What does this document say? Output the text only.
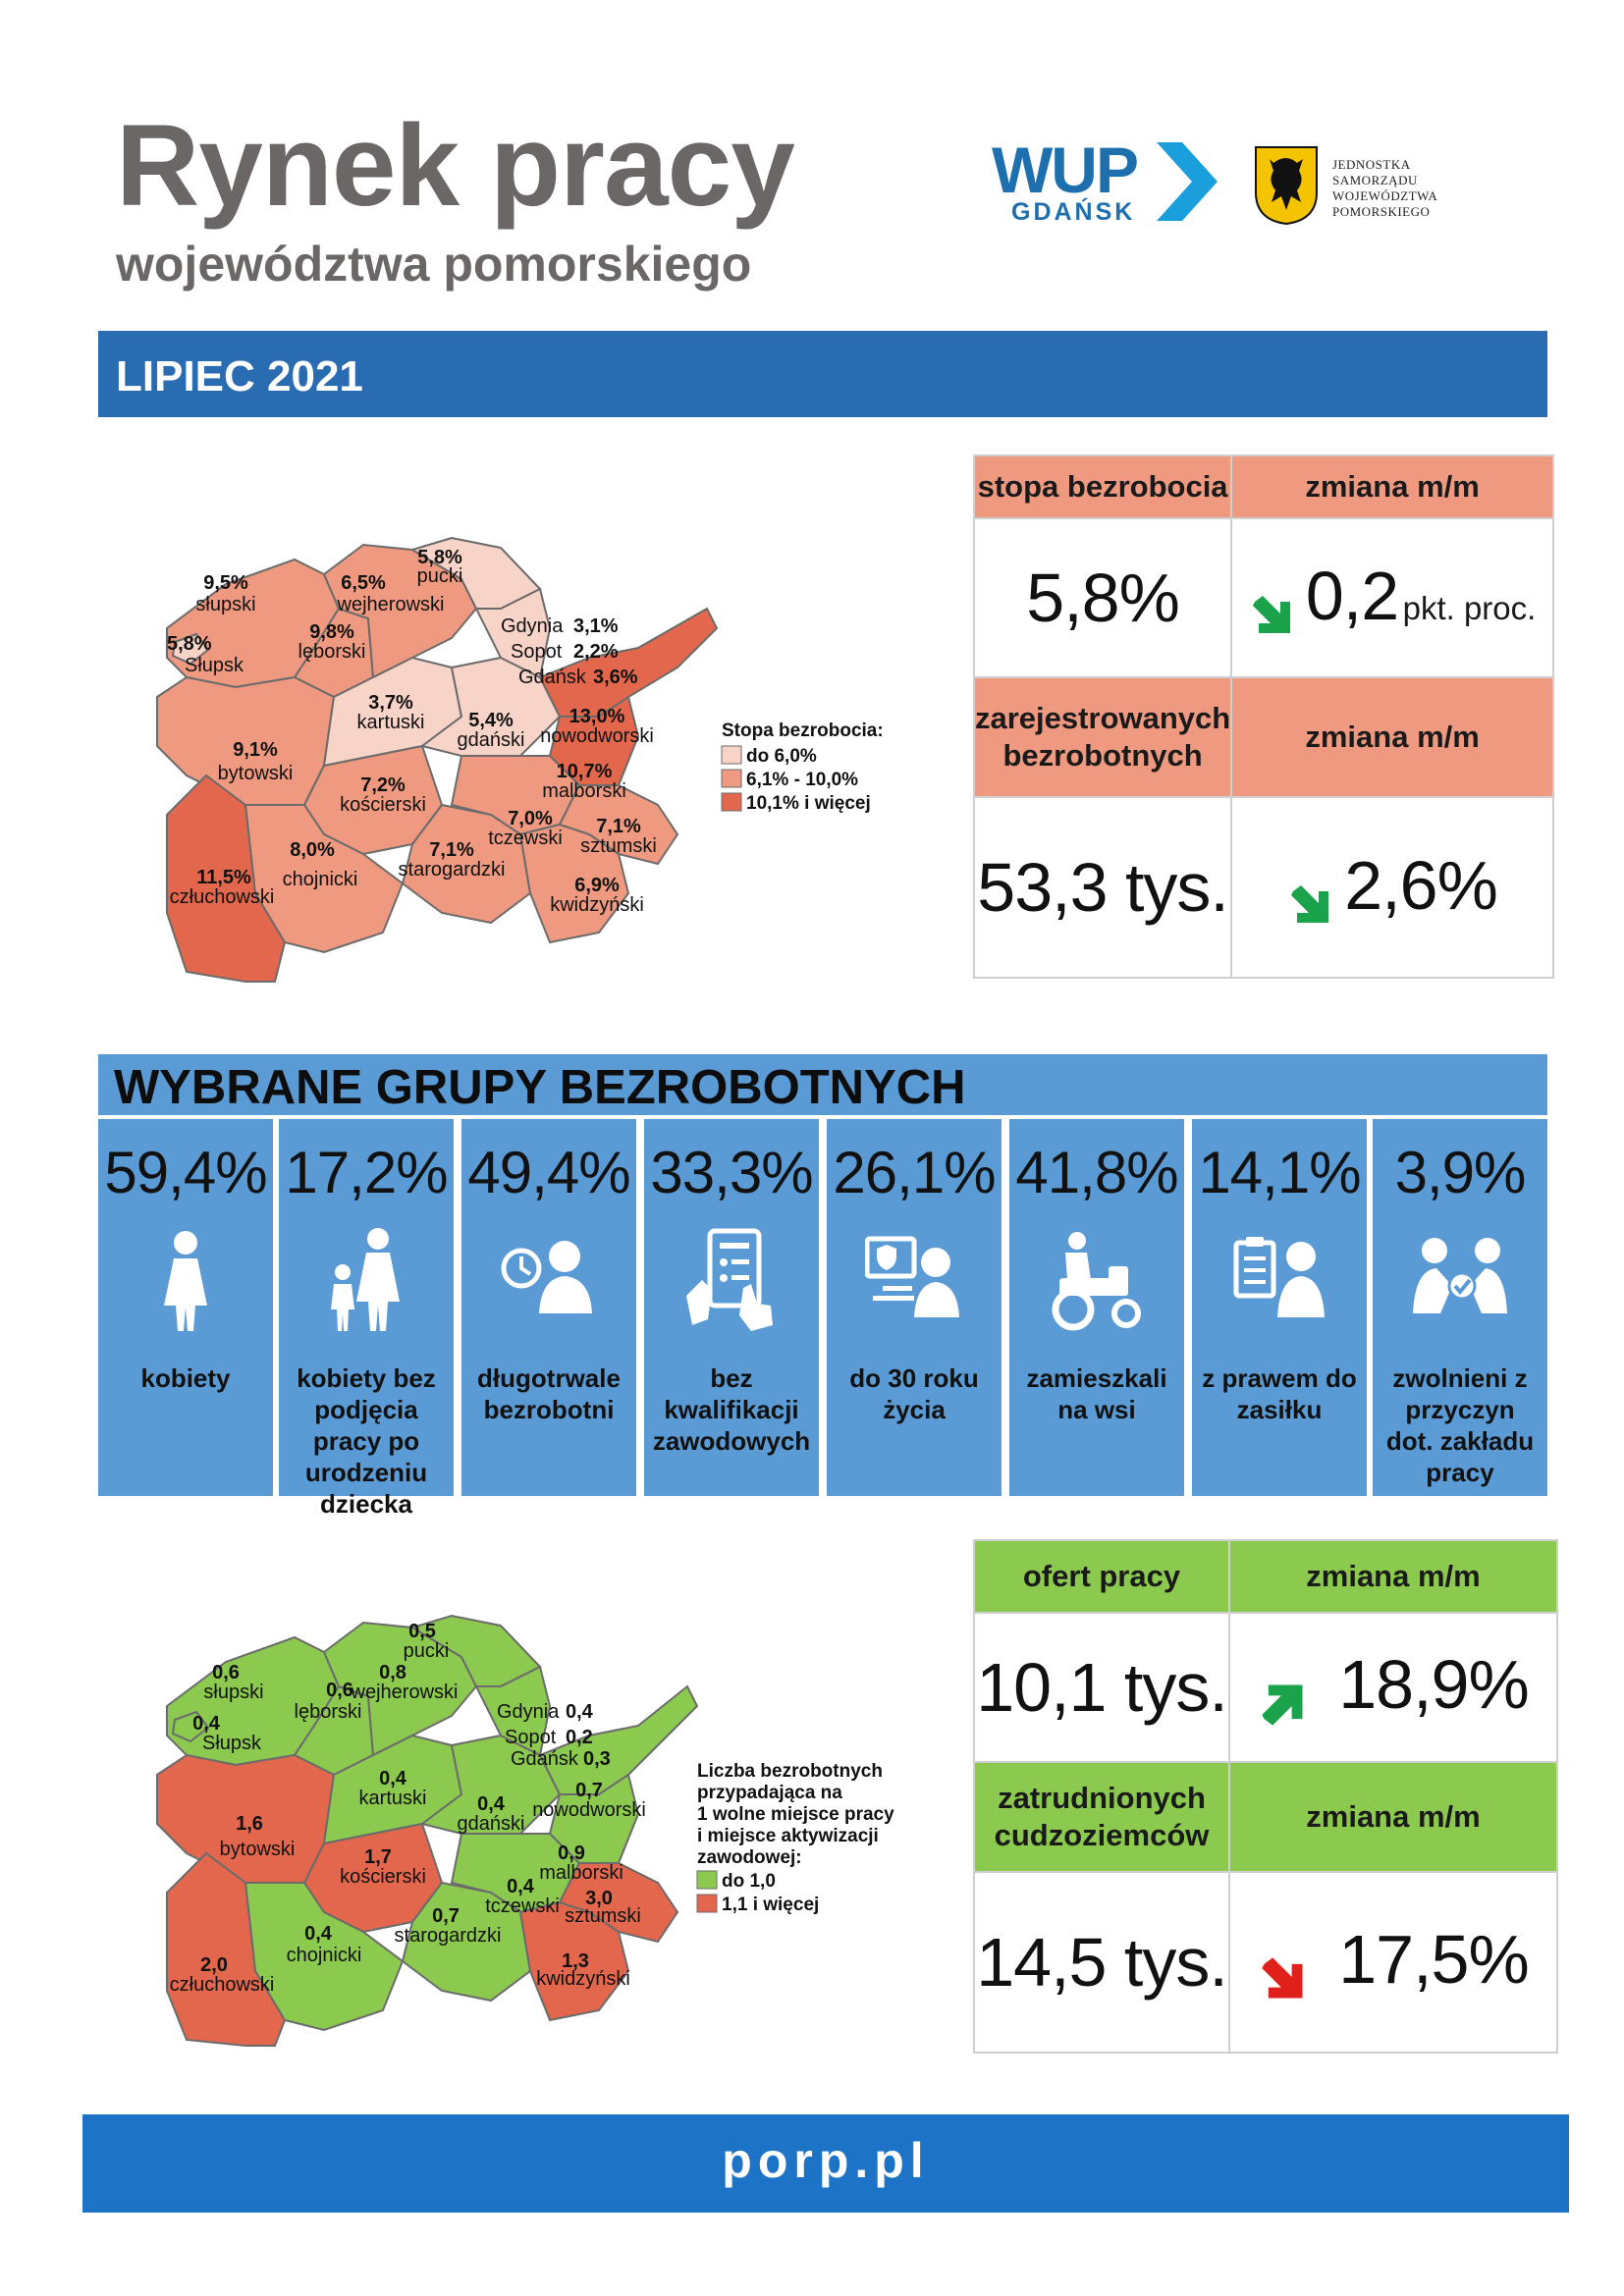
Rynek pracy
województwa pomorskiego
WUP
GDAŃSK
JEDNOSTKA
SAMORZĄDU
WOJEWÓDZTWA
POMORSKIEGO
LIPIEC 2021
9,5%
słupski
5,8%
Słupsk
6,5%
wejherowski
5,8%
pucki
9,8%
lęborski
3,7%
kartuski 5,4%
gdański
13,0%
nowodworski
10,7%
malborski
9,1%
bytowski
7,2%
kościerski
7,0%
tczewski
7,1%
sztumski
7,1%
starogardzki
6,9%
kwidzyński
8,0%
chojnicki
11,5%
człuchowski
Gdynia 3,1%
Sopot 2,2%
Gdańsk 3,6%
Stopa bezrobocia:
do 6,0%
6,1% - 10,0%
10,1% i więcej
stopa bezrobocia	zmiana m/m
5,8%	0,2 pkt. proc.

zarejestrowanych
bezrobotnych	zmiana m/m
53,3 tys.	2,6%
WYBRANE GRUPY BEZROBOTNYCH
59,4%
kobiety
17,2%
kobiety bez podjęcia pracy po urodzeniu dziecka
49,4%
długotrwale bezrobotni
33,3%
bez kwalifikacji zawodowych
26,1%
do 30 roku życia
41,8%
zamieszkali na wsi
14,1%
z prawem do zasiłku
3,9%
zwolnieni z przyczyn dot. zakładu pracy
0,6
słupski	0,6
lęborski
0,4
Słupsk
0,8
wejherowski
0,5
pucki
0,4
kartuski	0,4
gdański
0,7
nowodworski
0,9
malborski
1,6
bytowski	1,7
kościerski	0,4
tczewski 3,0
sztumski
0,7
starogardzki
1,3
kwidzyński
0,4
chojnicki
2,0
człuchowski
Gdynia 0,4
Sopot 0,2
Gdańsk 0,3
Liczba bezrobotnych
przypadająca na
1 wolne miejsce pracy
i miejsce aktywizacji
zawodowej:
do 1,0
1,1 i więcej
ofert pracy	zmiana m/m
10,1 tys.	18,9%

zatrudnionych
cudzoziemców	zmiana m/m
14,5 tys.	17,5%
porp.pl
